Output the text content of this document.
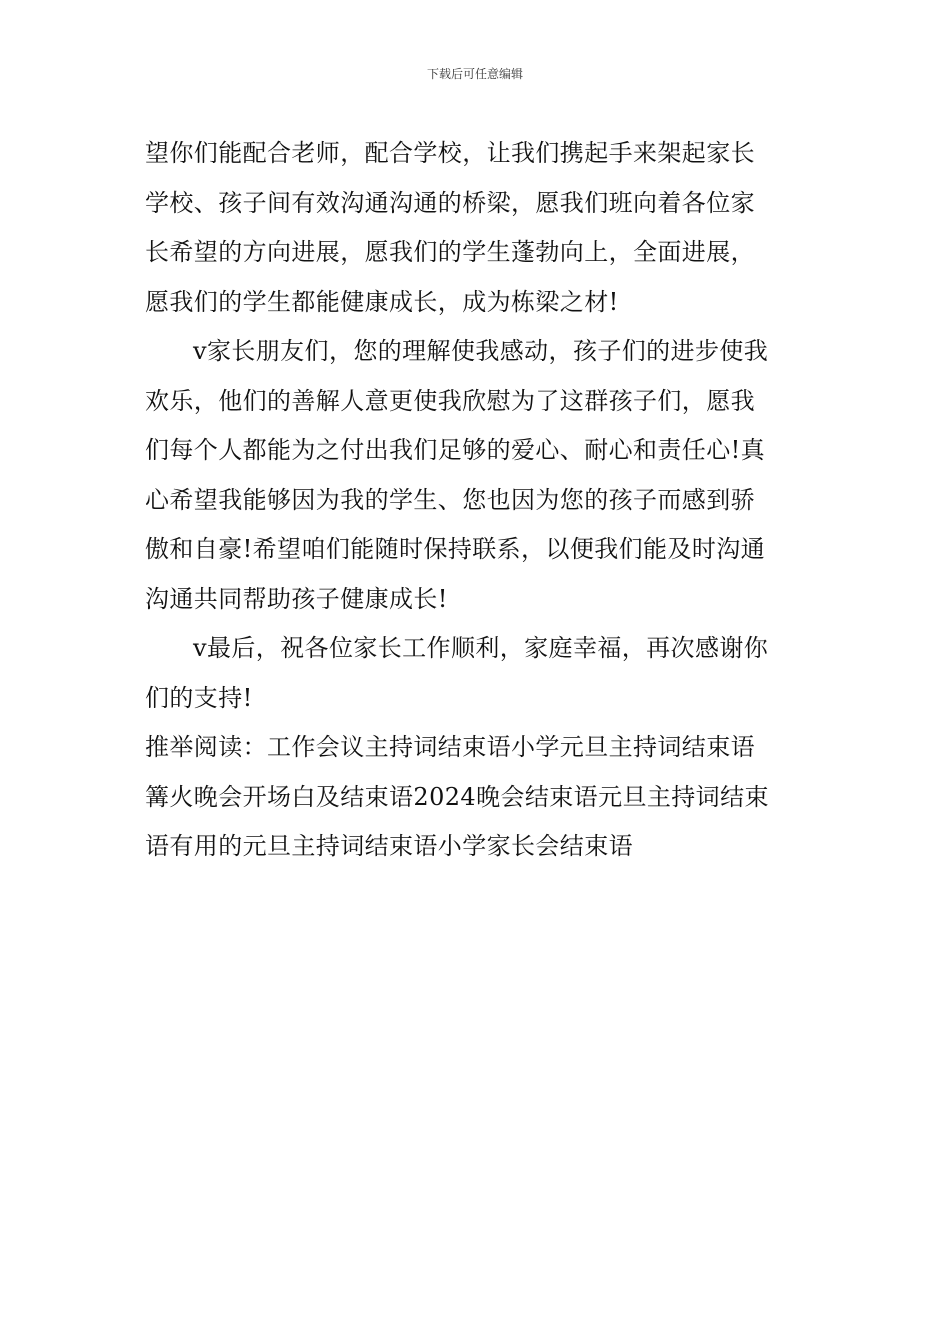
下载后可任意编辑
望你们能配合老师，配合学校，让我们携起手来架起家长
学校、孩子间有效沟通沟通的桥梁，愿我们班向着各位家
长希望的方向进展，愿我们的学生蓬勃向上，全面进展，
愿我们的学生都能健康成长，成为栋梁之材!
v家长朋友们，您的理解使我感动，孩子们的进步使我
欢乐，他们的善解人意更使我欣慰为了这群孩子们，愿我
们每个人都能为之付出我们足够的爱心、耐心和责任心!真
心希望我能够因为我的学生、您也因为您的孩子而感到骄
傲和自豪!希望咱们能随时保持联系，以便我们能及时沟通
沟通共同帮助孩子健康成长!
v最后，祝各位家长工作顺利，家庭幸福，再次感谢你
们的支持!
推举阅读：工作会议主持词结束语小学元旦主持词结束语
篝火晚会开场白及结束语2024晚会结束语元旦主持词结束
语有用的元旦主持词结束语小学家长会结束语
